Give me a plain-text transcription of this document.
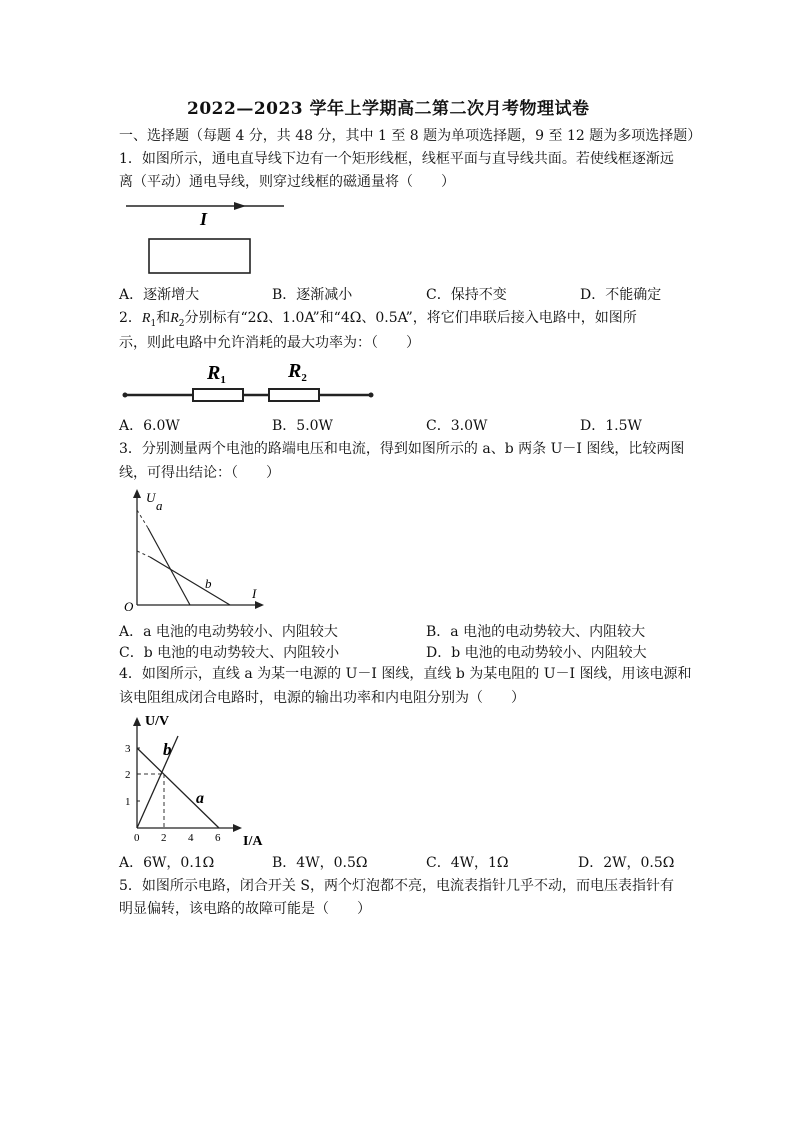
2022—2023 学年上学期高二第二次月考物理试卷
一、选择题（每题 4 分，共 48 分，其中 1 至 8 题为单项选择题，9 至 12 题为多项选择题）
1．如图所示，通电直导线下边有一个矩形线框，线框平面与直导线共面。若使线框逐渐远
离（平动）通电导线，则穿过线框的磁通量将（　　）
I
A．逐渐增大	B．逐渐减小	C．保持不变	D．不能确定
2．$R_1$和$R_2$分别标有“2Ω、1.0A”和“4Ω、0.5A”，将它们串联后接入电路中，如图所
示，则此电路中允许消耗的最大功率为：（　　）
$R_1$	$R_2$
A．6.0W	B．5.0W	C．3.0W	D．1.5W
3．分别测量两个电池的路端电压和电流，得到如图所示的 a、b 两条 U－I 图线，比较两图
线，可得出结论：（　　）
U
I
O
a
b
A．a 电池的电动势较小、内阻较大	B．a 电池的电动势较大、内阻较大
C．b 电池的电动势较大、内阻较小	D．b 电池的电动势较小、内阻较大
4．如图所示，直线 a 为某一电源的 U－I 图线，直线 b 为某电阻的 U－I 图线，用该电源和
该电阻组成闭合电路时，电源的输出功率和内电阻分别为（　　）
U/V
I/A
1
2
3
0 2 4 6
b
a
A．6W，0.1Ω	B．4W，0.5Ω	C．4W，1Ω	D．2W，0.5Ω
5．如图所示电路，闭合开关 S，两个灯泡都不亮，电流表指针几乎不动，而电压表指针有
明显偏转，该电路的故障可能是（　　）
